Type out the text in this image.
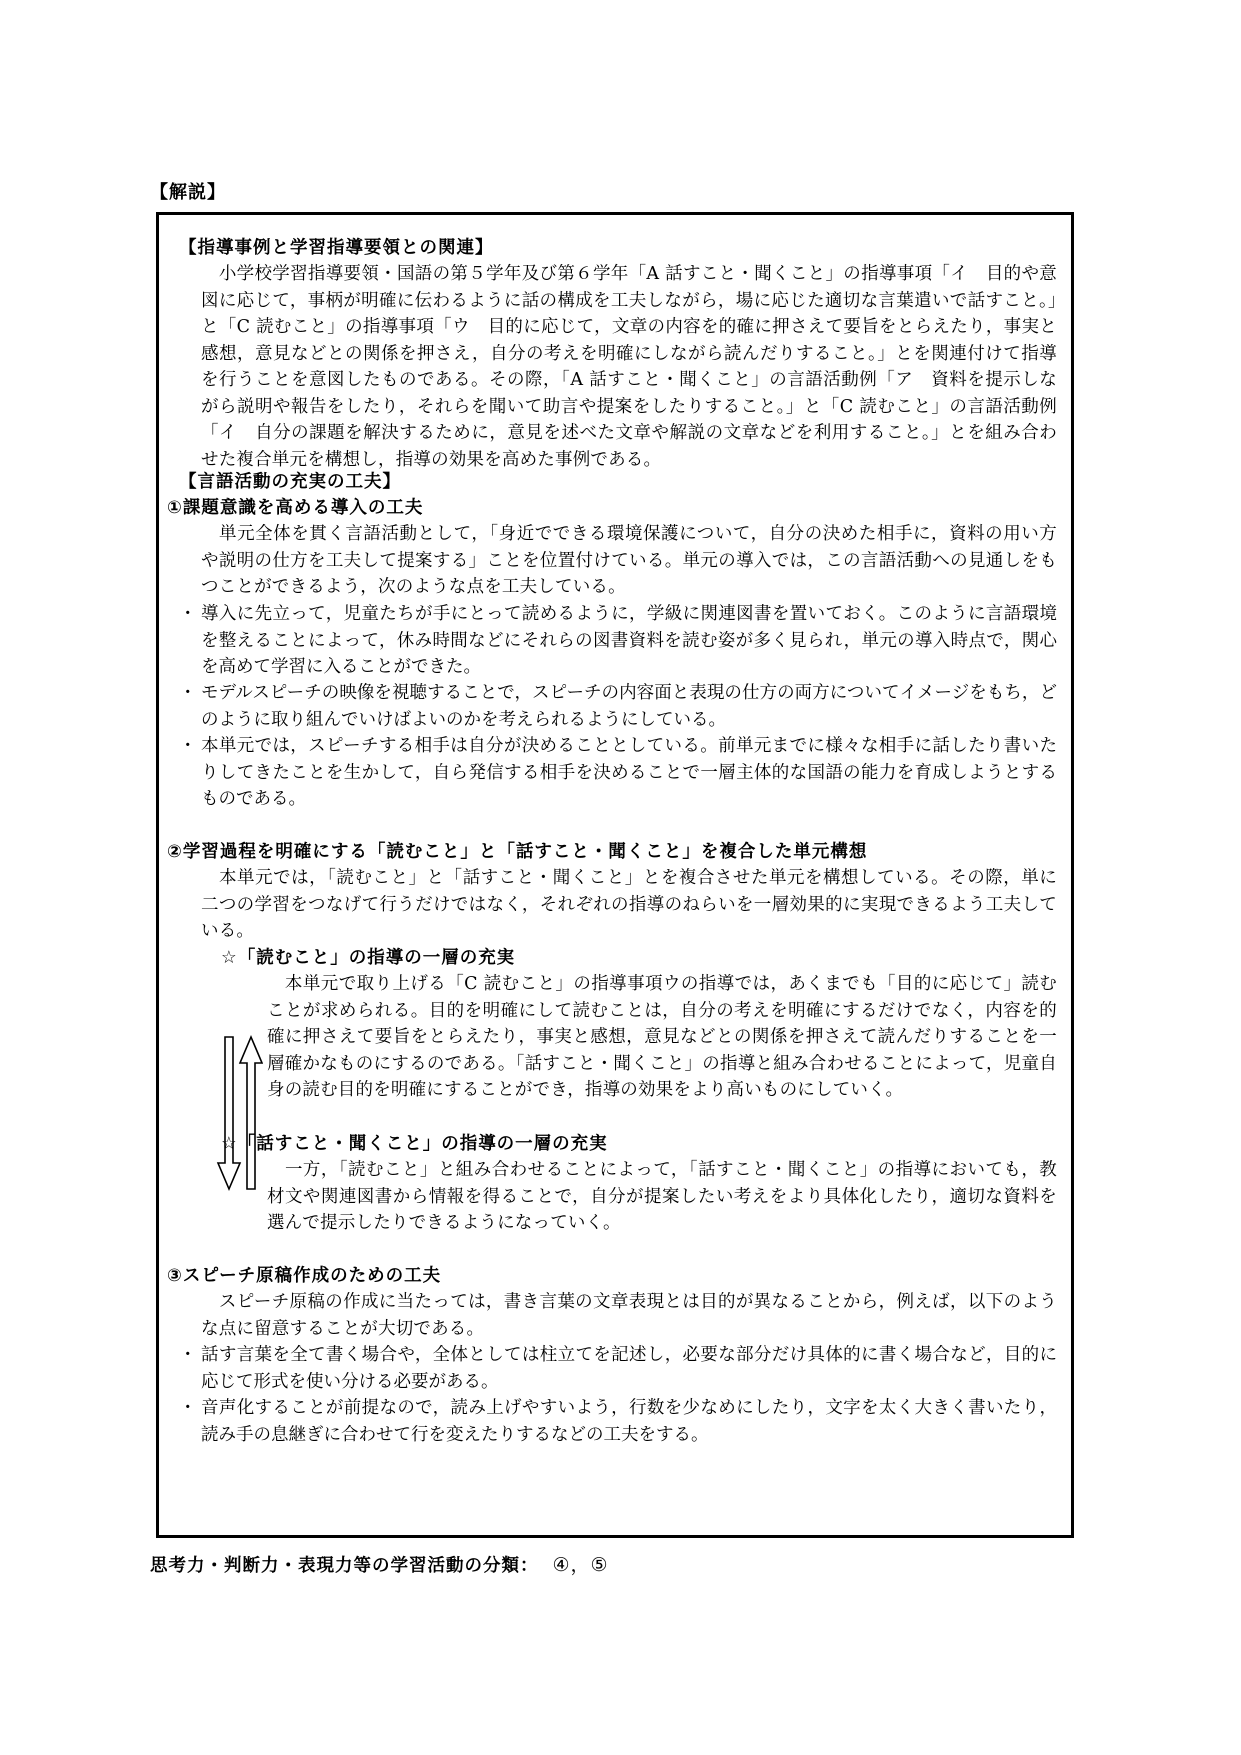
【解説】
【指導事例と学習指導要領との関連】
　小学校学習指導要領・国語の第５学年及び第６学年「A 話すこと・聞くこと」の指導事項「イ　目的や意図に応じて，事柄が明確に伝わるように話の構成を工夫しながら，場に応じた適切な言葉遣いで話すこと。」と「C 読むこと」の指導事項「ウ　目的に応じて，文章の内容を的確に押さえて要旨をとらえたり，事実と感想，意見などとの関係を押さえ，自分の考えを明確にしながら読んだりすること。」とを関連付けて指導を行うことを意図したものである。その際，「A 話すこと・聞くこと」の言語活動例「ア　資料を提示しながら説明や報告をしたり，それらを聞いて助言や提案をしたりすること。」と「C 読むこと」の言語活動例「イ　自分の課題を解決するために，意見を述べた文章や解説の文章などを利用すること。」とを組み合わせた複合単元を構想し，指導の効果を高めた事例である。
【言語活動の充実の工夫】
①課題意識を高める導入の工夫
　単元全体を貫く言語活動として，「身近でできる環境保護について，自分の決めた相手に，資料の用い方や説明の仕方を工夫して提案する」ことを位置付けている。単元の導入では，この言語活動への見通しをもつことができるよう，次のような点を工夫している。
・ 導入に先立って，児童たちが手にとって読めるように，学級に関連図書を置いておく。このように言語環境を整えることによって，休み時間などにそれらの図書資料を読む姿が多く見られ，単元の導入時点で，関心を高めて学習に入ることができた。
・ モデルスピーチの映像を視聴することで，スピーチの内容面と表現の仕方の両方についてイメージをもち，どのように取り組んでいけばよいのかを考えられるようにしている。
・ 本単元では，スピーチする相手は自分が決めることとしている。前単元までに様々な相手に話したり書いたりしてきたことを生かして，自ら発信する相手を決めることで一層主体的な国語の能力を育成しようとするものである。
②学習過程を明確にする「読むこと」と「話すこと・聞くこと」を複合した単元構想
　本単元では，「読むこと」と「話すこと・聞くこと」とを複合させた単元を構想している。その際，単に二つの学習をつなげて行うだけではなく，それぞれの指導のねらいを一層効果的に実現できるよう工夫している。
☆「読むこと」の指導の一層の充実
　本単元で取り上げる「C 読むこと」の指導事項ウの指導では，あくまでも「目的に応じて」読むことが求められる。目的を明確にして読むことは，自分の考えを明確にするだけでなく，内容を的確に押さえて要旨をとらえたり，事実と感想，意見などとの関係を押さえて読んだりすることを一層確かなものにするのである。「話すこと・聞くこと」の指導と組み合わせることによって，児童自身の読む目的を明確にすることができ，指導の効果をより高いものにしていく。
☆「話すこと・聞くこと」の指導の一層の充実
　一方，「読むこと」と組み合わせることによって，「話すこと・聞くこと」の指導においても，教材文や関連図書から情報を得ることで，自分が提案したい考えをより具体化したり，適切な資料を選んで提示したりできるようになっていく。
③スピーチ原稿作成のための工夫
　スピーチ原稿の作成に当たっては，書き言葉の文章表現とは目的が異なることから，例えば，以下のような点に留意することが大切である。
・ 話す言葉を全て書く場合や，全体としては柱立てを記述し，必要な部分だけ具体的に書く場合など，目的に応じて形式を使い分ける必要がある。
・ 音声化することが前提なので，読み上げやすいよう，行数を少なめにしたり，文字を太く大きく書いたり，読み手の息継ぎに合わせて行を変えたりするなどの工夫をする。
思考力・判断力・表現力等の学習活動の分類： ④，⑤
